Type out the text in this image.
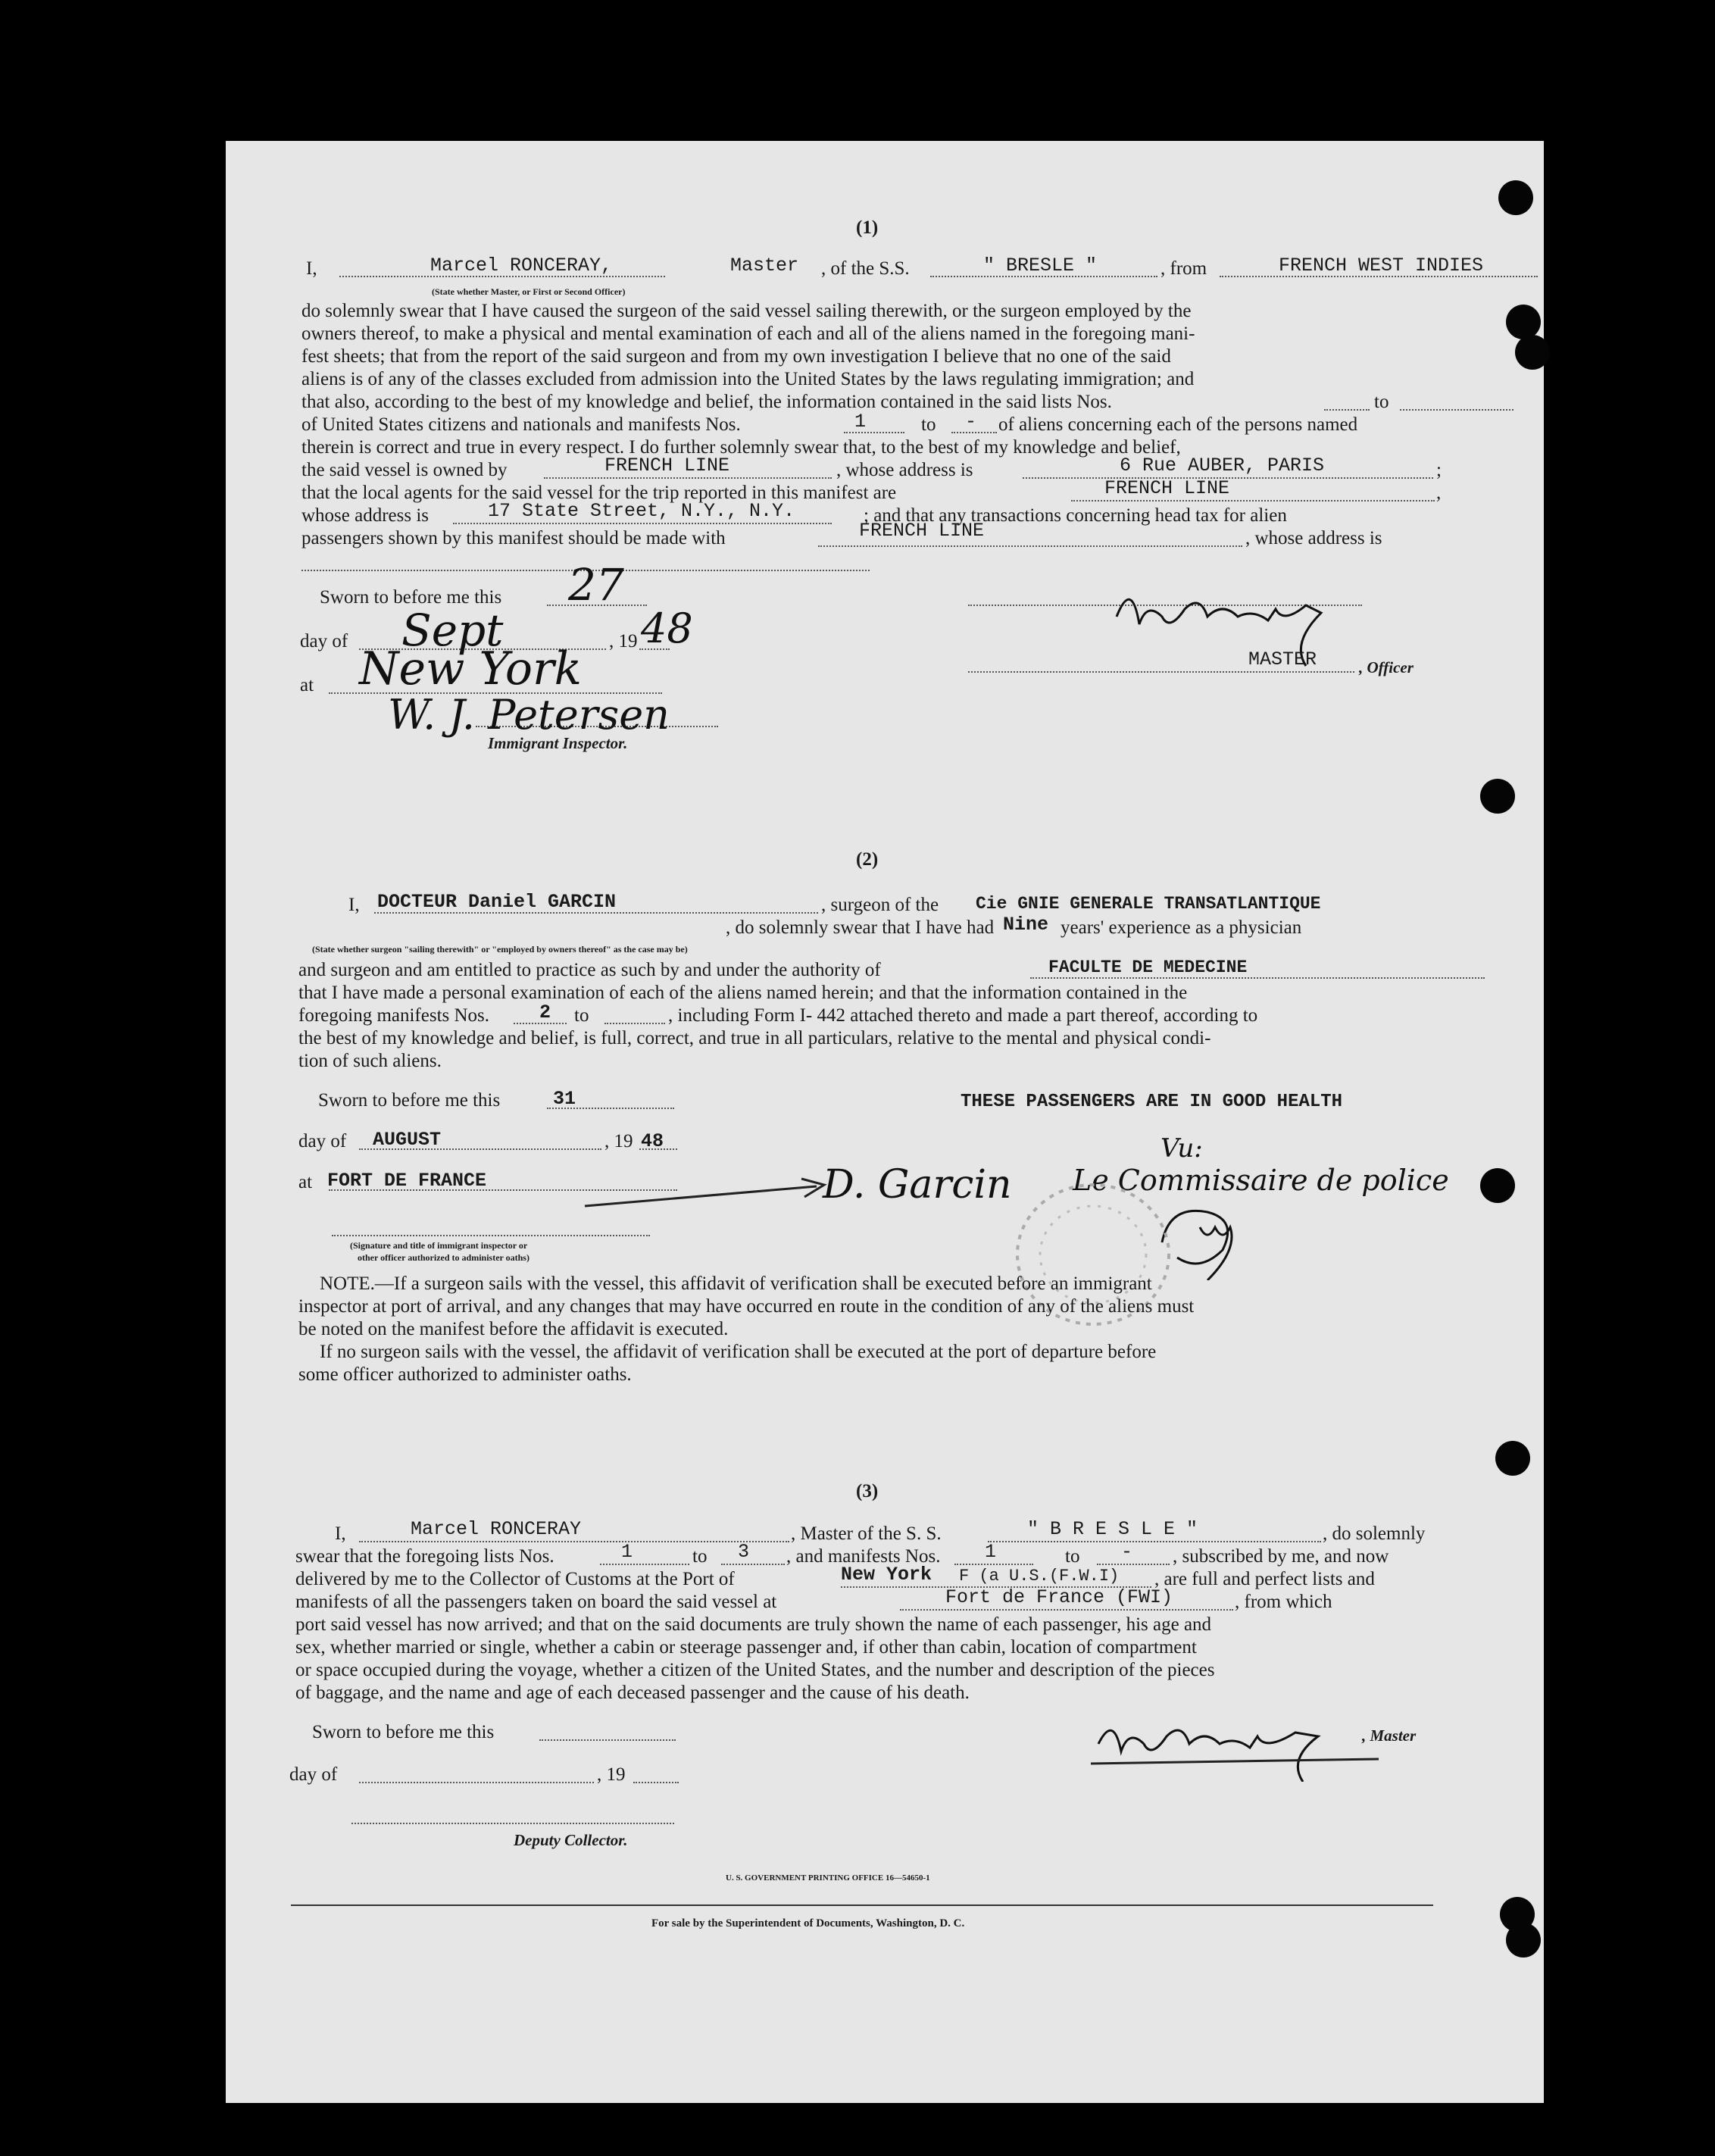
(1)
I,	Marcel RONCERAY,	Master , of the S.S.	" BRESLE "	, from	FRENCH WEST INDIES
(State whether Master, or First or Second Officer)
do solemnly swear that I have caused the surgeon of the said vessel sailing therewith, or the surgeon employed by the
owners thereof, to make a physical and mental examination of each and all of the aliens named in the foregoing mani-
fest sheets; that from the report of the said surgeon and from my own investigation I believe that no one of the said
aliens is of any of the classes excluded from admission into the United States by the laws regulating immigration; and
that also, according to the best of my knowledge and belief, the information contained in the said lists Nos.	to
of United States citizens and nationals and manifests Nos.	1	to - of aliens concerning each of the persons named
therein is correct and true in every respect. I do further solemnly swear that, to the best of my knowledge and belief,
the said vessel is owned by	FRENCH LINE	, whose address is	6 Rue AUBER, PARIS	;
that the local agents for the said vessel for the trip reported in this manifest are	FRENCH LINE	,
whose address is	17 State Street, N.Y., N.Y.	; and that any transactions concerning head tax for alien
passengers shown by this manifest should be made with	FRENCH LINE	, whose address is
Sworn to before me this 27
day of Sept	, 19 48
at New York
W. J. Petersen
Immigrant Inspector.
MASTER	, Officer
(2)
I, DOCTEUR Daniel GARCIN	, surgeon of the Cie GNIE GENERALE TRANSATLANTIQUE
, do solemnly swear that I have had Nine years' experience as a physician
(State whether surgeon "sailing therewith" or "employed by owners thereof" as the case may be)
and surgeon and am entitled to practice as such by and under the authority of	FACULTE DE MEDECINE
that I have made a personal examination of each of the aliens named herein; and that the information contained in the
foregoing manifests Nos.	2 to	, including Form I- 442 attached thereto and made a part thereof, according to
the best of my knowledge and belief, is full, correct, and true in all particulars, relative to the mental and physical condi-
tion of such aliens.
Sworn to before me this	31	THESE PASSENGERS ARE IN GOOD HEALTH
day of AUGUST	, 19 48
at FORT DE FRANCE	D. Garcin
Vu:
Le Commissaire de police
(Signature and title of immigrant inspector or
other officer authorized to administer oaths)
NOTE.—If a surgeon sails with the vessel, this affidavit of verification shall be executed before an immigrant
inspector at port of arrival, and any changes that may have occurred en route in the condition of any of the aliens must
be noted on the manifest before the affidavit is executed.
If no surgeon sails with the vessel, the affidavit of verification shall be executed at the port of departure before
some officer authorized to administer oaths.
(3)
I,	Marcel RONCERAY	, Master of the S. S.	" B R E S L E "	, do solemnly
swear that the foregoing lists Nos.	1	to 3 , and manifests Nos. 1	to - , subscribed by me, and now
delivered by me to the Collector of Customs at the Port of	New York F (a U.S.(F.W.I) , are full and perfect lists and
manifests of all the passengers taken on board the said vessel at	Fort de France (FWI)	, from which
port said vessel has now arrived; and that on the said documents are truly shown the name of each passenger, his age and
sex, whether married or single, whether a cabin or steerage passenger and, if other than cabin, location of compartment
or space occupied during the voyage, whether a citizen of the United States, and the number and description of the pieces
of baggage, and the name and age of each deceased passenger and the cause of his death.
Sworn to before me this
day of	, 19
Deputy Collector.
, Master
U. S. GOVERNMENT PRINTING OFFICE 16—54650-1
For sale by the Superintendent of Documents, Washington, D. C.
